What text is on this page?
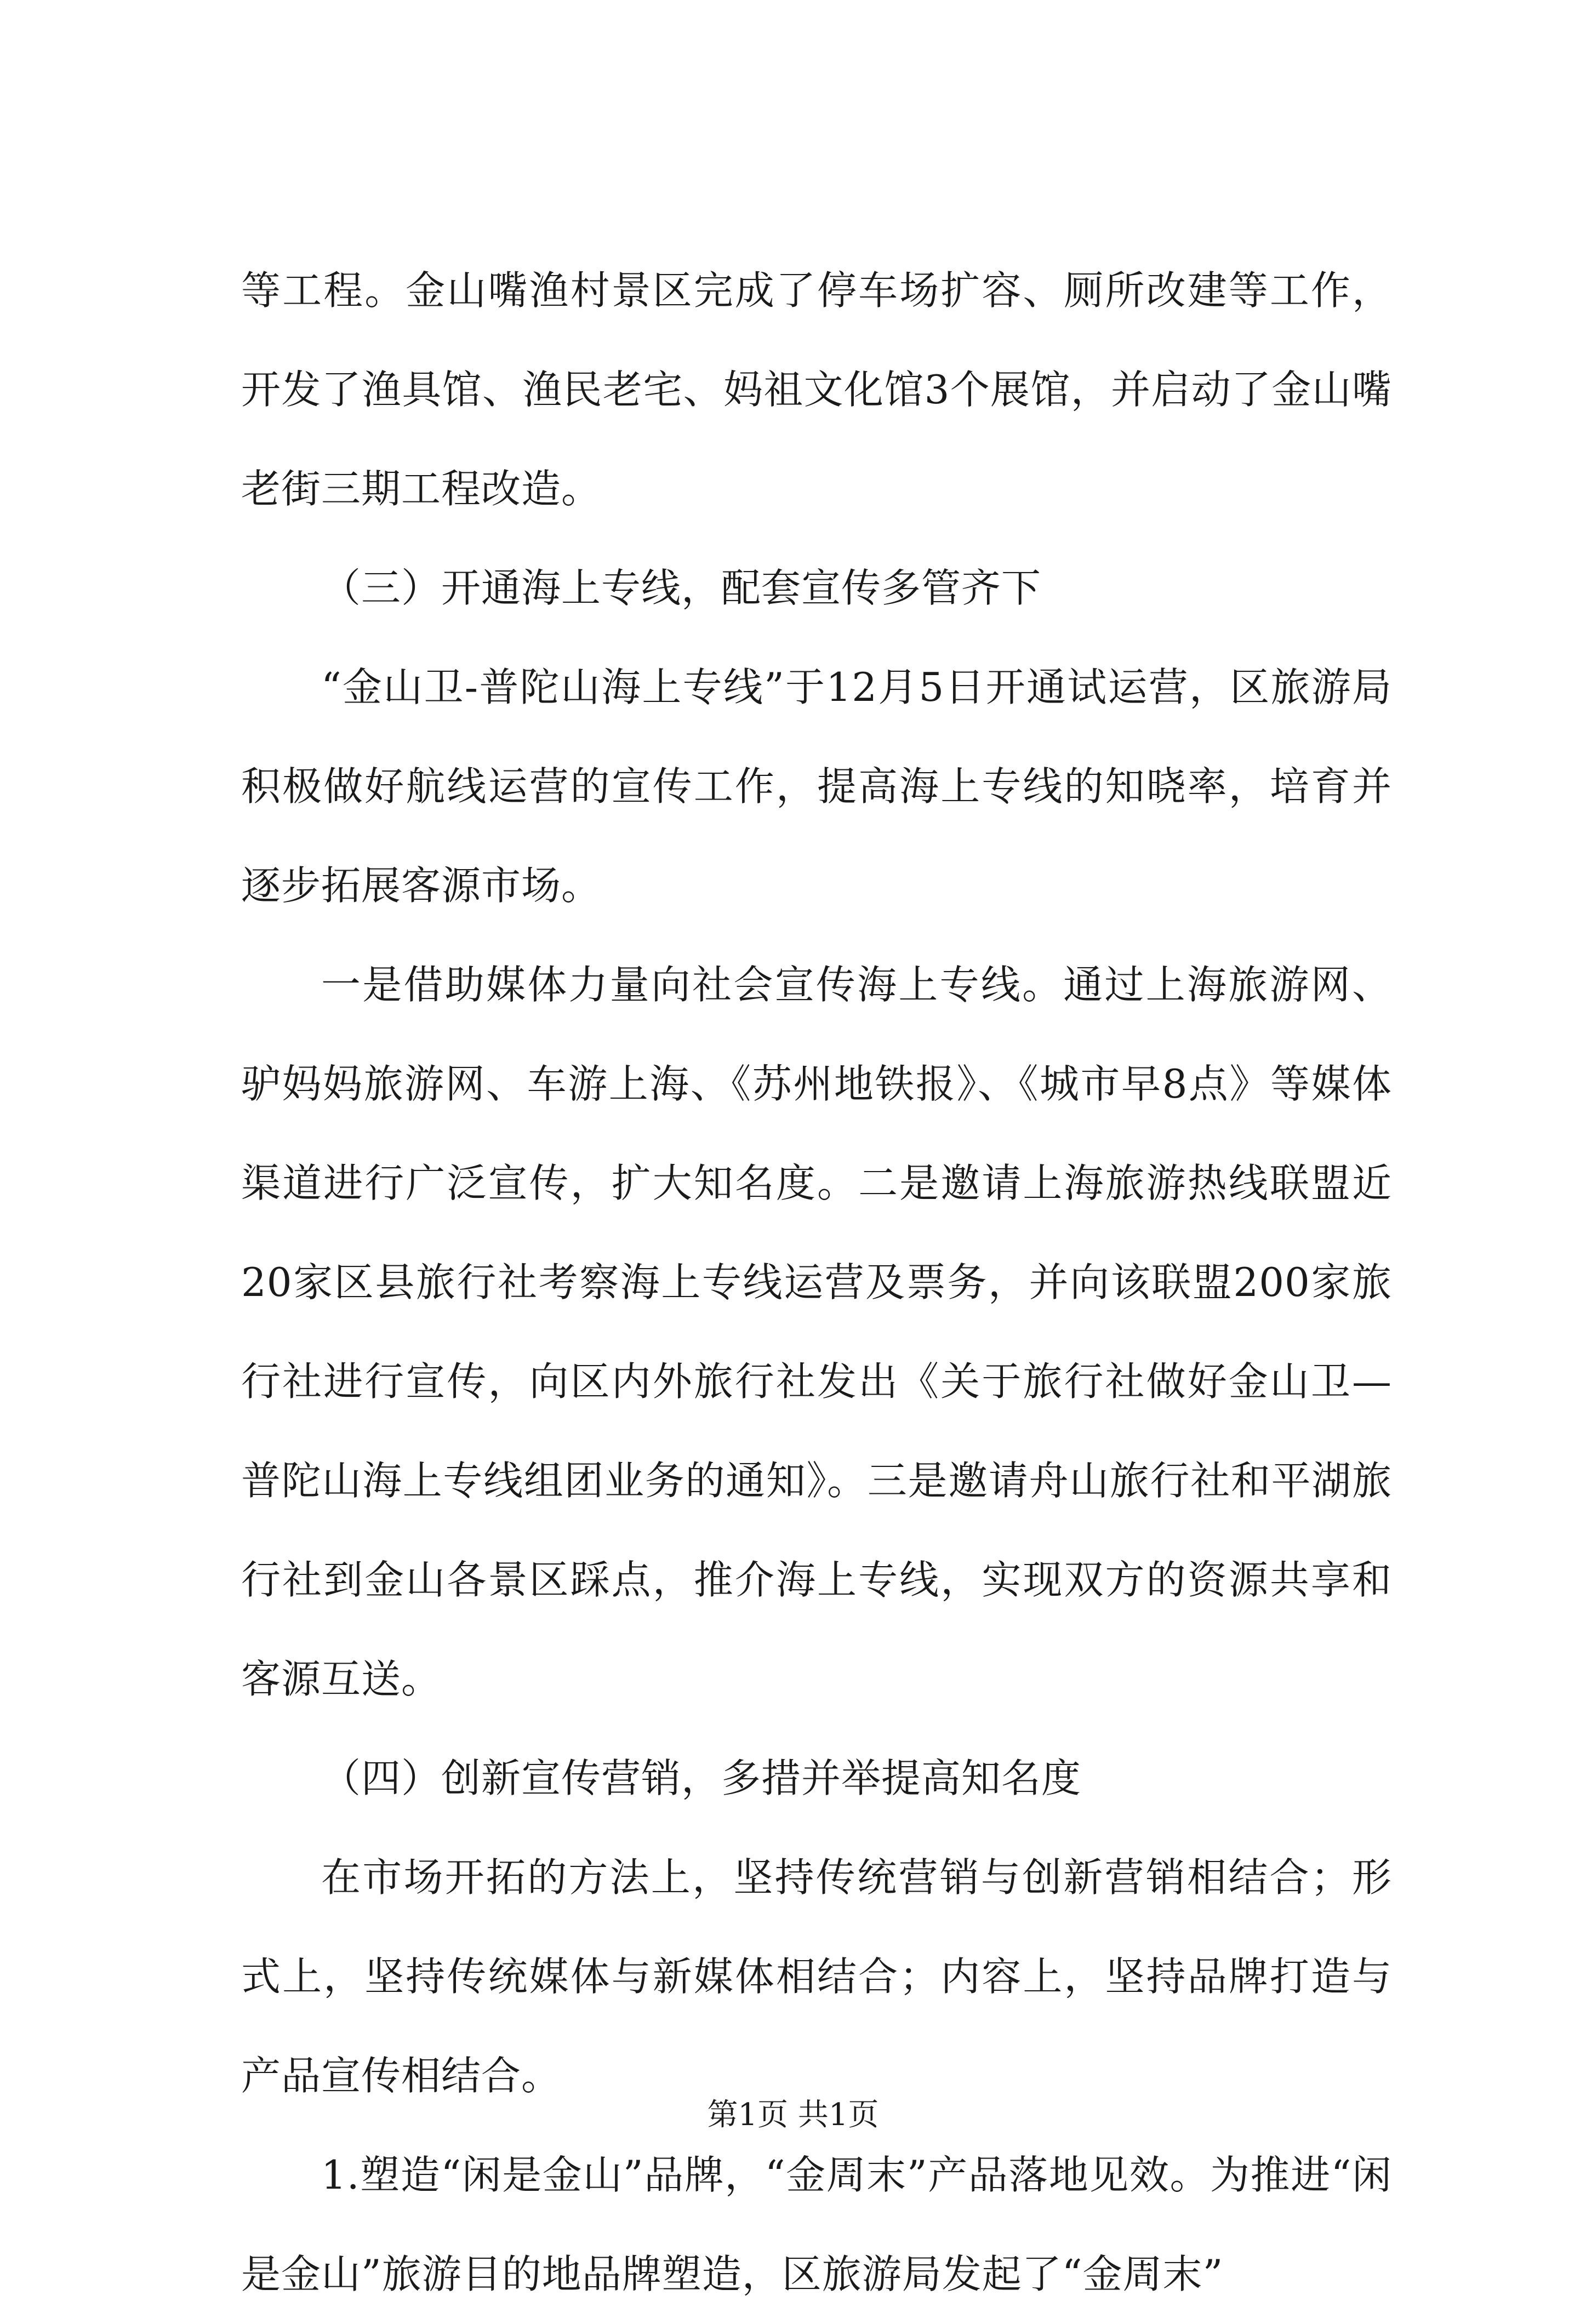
等工程。金山嘴渔村景区完成了停车场扩容、厕所改建等工作，开发了渔具馆、渔民老宅、妈祖文化馆3个展馆，并启动了金山嘴老街三期工程改造。

（三）开通海上专线，配套宣传多管齐下

“金山卫-普陀山海上专线”于12月5日开通试运营，区旅游局积极做好航线运营的宣传工作，提高海上专线的知晓率，培育并逐步拓展客源市场。

一是借助媒体力量向社会宣传海上专线。通过上海旅游网、驴妈妈旅游网、车游上海、《苏州地铁报》、《城市早8点》等媒体渠道进行广泛宣传，扩大知名度。二是邀请上海旅游热线联盟近20家区县旅行社考察海上专线运营及票务，并向该联盟200家旅行社进行宣传，向区内外旅行社发出《关于旅行社做好金山卫—普陀山海上专线组团业务的通知》。三是邀请舟山旅行社和平湖旅行社到金山各景区踩点，推介海上专线，实现双方的资源共享和客源互送。

（四）创新宣传营销，多措并举提高知名度

在市场开拓的方法上，坚持传统营销与创新营销相结合；形式上，坚持传统媒体与新媒体相结合；内容上，坚持品牌打造与产品宣传相结合。

1.塑造“闲是金山”品牌，“金周末”产品落地见效。为推进“闲是金山”旅游目的地品牌塑造，区旅游局发起了“金周末”

第1页 共1页
